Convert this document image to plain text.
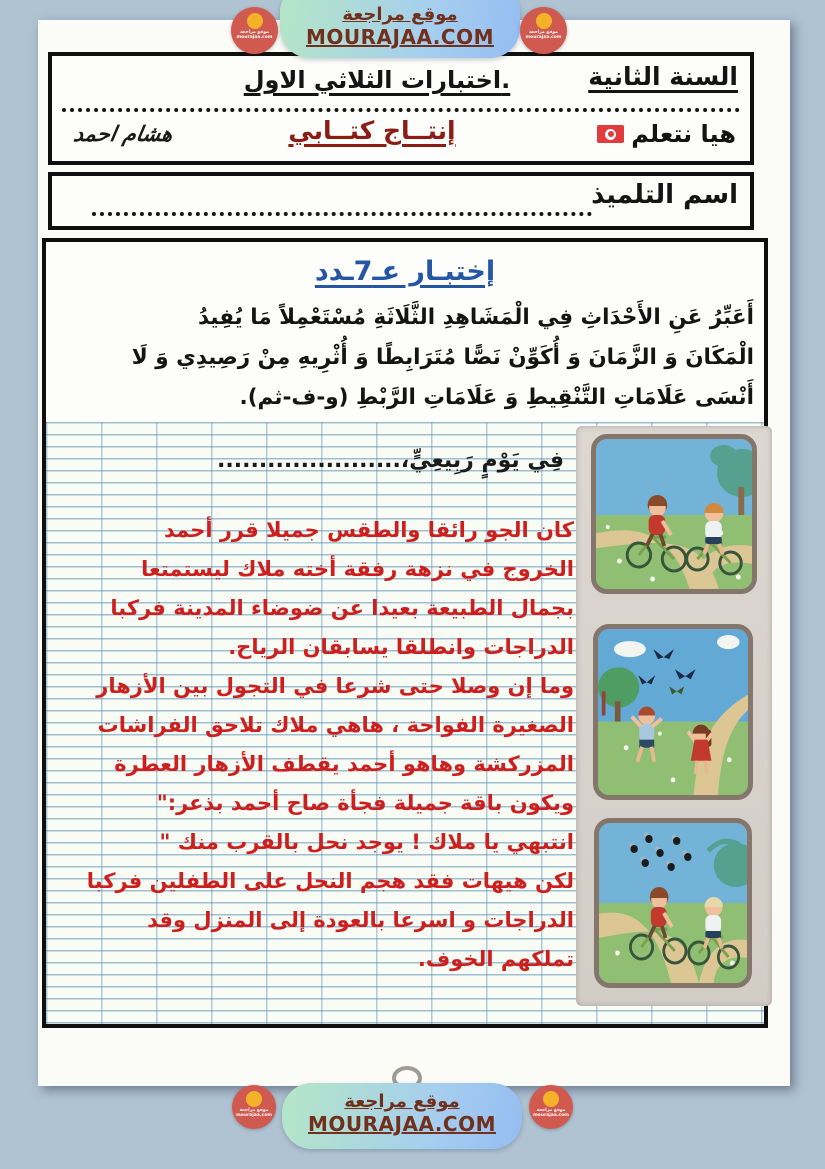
موقع مراجعة
mourajaa.com
موقع مراجعة
mourajaa.com
موقع مراجعة
MOURAJAA.COM
السنة الثانية
اختبارات الثلاثي الاول.
هشام احمد	إنتــاج كتــابي	هيا نتعلم
اسم التلميذ
إختبـار عـ7ـدد
أَعَبِّرُ عَنِ الأَحْدَاثِ فِي الْمَشَاهِدِ الثَّلَاثَةِ مُسْتَعْمِلاً مَا يُفِيدُ
الْمَكَانَ وَ الزَّمَانَ وَ أُكَوِّنْ نَصًّا مُتَرَابِطًا وَ أُثْرِيهِ مِنْ رَصِيدِي وَ لَا
أَنْسَى عَلَامَاتِ التَّنْقِيطِ وَ عَلَامَاتِ الرَّبْطِ (و-ف-ثم).
فِي يَوْمٍ رَبِيعِيٍّ،......................
كان الجو رائقا والطقس جميلا قرر أحمد
الخروج في نزهة رفقة أخته ملاك ليستمتعا
بجمال الطبيعة بعيدا عن ضوضاء المدينة فركبا
الدراجات وانطلقا يسابقان الرياح.
وما إن وصلا حتى شرعا في التجول بين الأزهار
الصغيرة الفواحة ، هاهي ملاك تلاحق الفراشات
المزركشة وهاهو أحمد يقطف الأزهار العطرة
ويكون باقة جميلة فجأة صاح أحمد بذعر:"
انتبهي يا ملاك ! يوجد نحل بالقرب منك "
لكن هيهات فقد هجم النحل على الطفلين فركبا
الدراجات و اسرعا بالعودة إلى المنزل وقد
تملكهم الخوف.
موقع مراجعة
mourajaa.com
موقع مراجعة
mourajaa.com
موقع مراجعة
MOURAJAA.COM
